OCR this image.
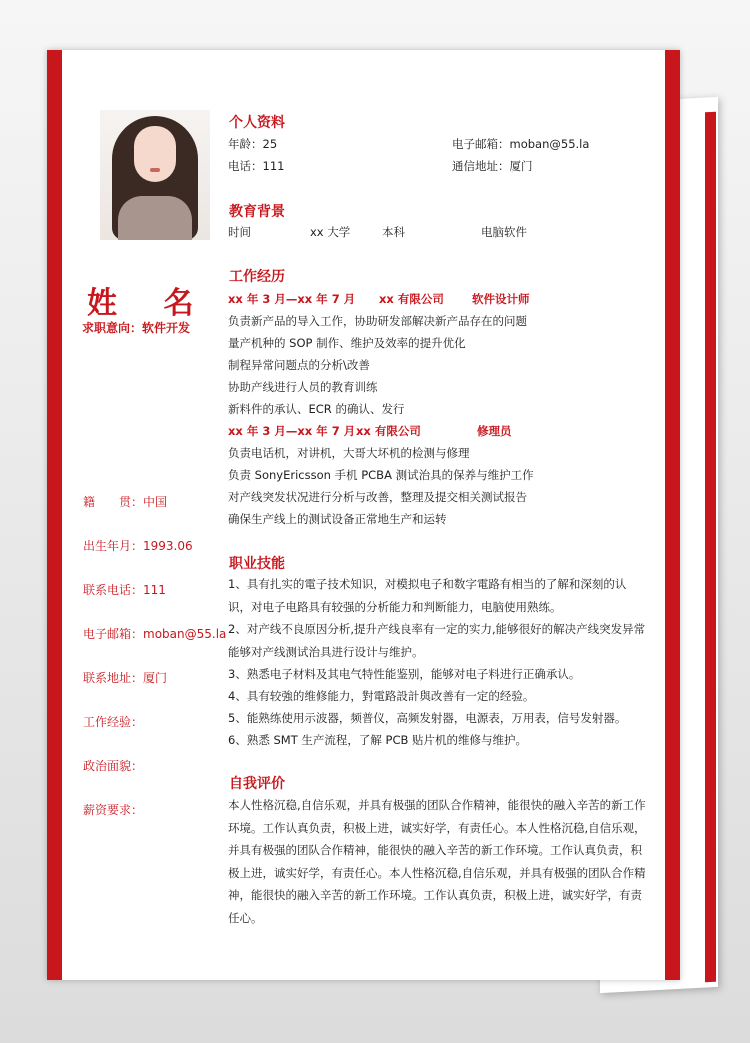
姓 名
求职意向：软件开发
籍　　贯：中国
出生年月：1993.06
联系电话：111
电子邮箱：moban@55.la
联系地址：厦门
工作经验：
政治面貌：
薪资要求：
个人资料
年龄：25	电子邮箱：moban@55.la
电话：111	通信地址：厦门
教育背景
时间	xx 大学	本科	电脑软件
工作经历
xx 年 3 月—xx 年 7 月 xx 有限公司 软件设计师
负责新产品的导入工作，协助研发部解决新产品存在的问题
量产机种的 SOP 制作、维护及效率的提升优化
制程异常问题点的分析\改善
协助产线进行人员的教育训练
新料件的承认、ECR 的确认、发行
xx 年 3 月—xx 年 7 月 xx 有限公司	修理员
负责电话机，对讲机，大哥大坏机的检测与修理
负责 SonyEricsson 手机 PCBA 测试治具的保养与维护工作
对产线突发状况进行分析与改善，整理及提交相关测试报告
确保生产线上的测试设备正常地生产和运转
职业技能
1、具有扎实的電子技术知识，对模拟电子和数字電路有相当的了解和深刻的认识，对电子电路具有较强的分析能力和判断能力，电脑使用熟练。
2、对产线不良原因分析,提升产线良率有一定的实力,能够很好的解决产线突发异常能够对产线测试治具进行设计与维护。
3、熟悉电子材料及其电气特性能鉴别，能够对电子料进行正确承认。
4、具有较強的维修能力，對電路設計與改善有一定的经验。
5、能熟练使用示波器，频普仪，高频发射器，电源表，万用表，信号发射器。
6、熟悉 SMT 生产流程，了解 PCB 贴片机的维修与维护。
自我评价
本人性格沉稳,自信乐观，并具有极强的团队合作精神，能很快的融入辛苦的新工作环境。工作认真负责，积极上进，诚实好学，有责任心。本人性格沉稳,自信乐观，并具有极强的团队合作精神，能很快的融入辛苦的新工作环境。工作认真负责，积极上进，诚实好学，有责任心。本人性格沉稳,自信乐观，并具有极强的团队合作精神，能很快的融入辛苦的新工作环境。工作认真负责，积极上进，诚实好学，有责任心。
